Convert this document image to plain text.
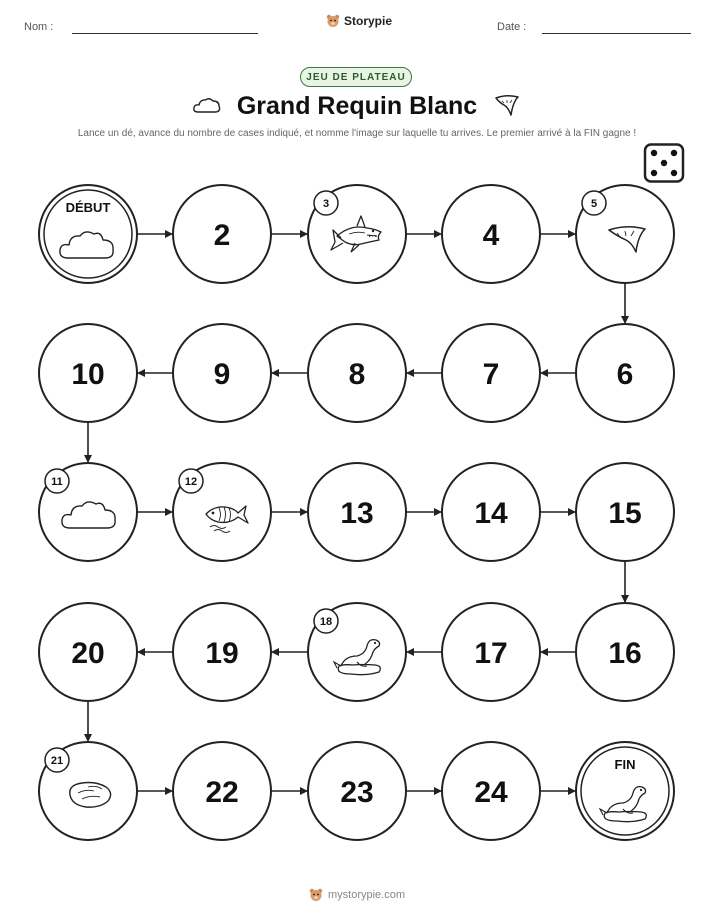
Nom :	Storypie	Date :
JEU DE PLATEAU
Grand Requin Blanc
Lance un dé, avance du nombre de cases indiqué, et nomme l'image sur laquelle tu arrives. Le premier arrivé à la FIN gagne !
DÉBUT
2
3
4
5
6
7
8
9
10
11	12
13	14	15
16
17
18
19
20
21
22	23	24
FIN
mystorypie.com
